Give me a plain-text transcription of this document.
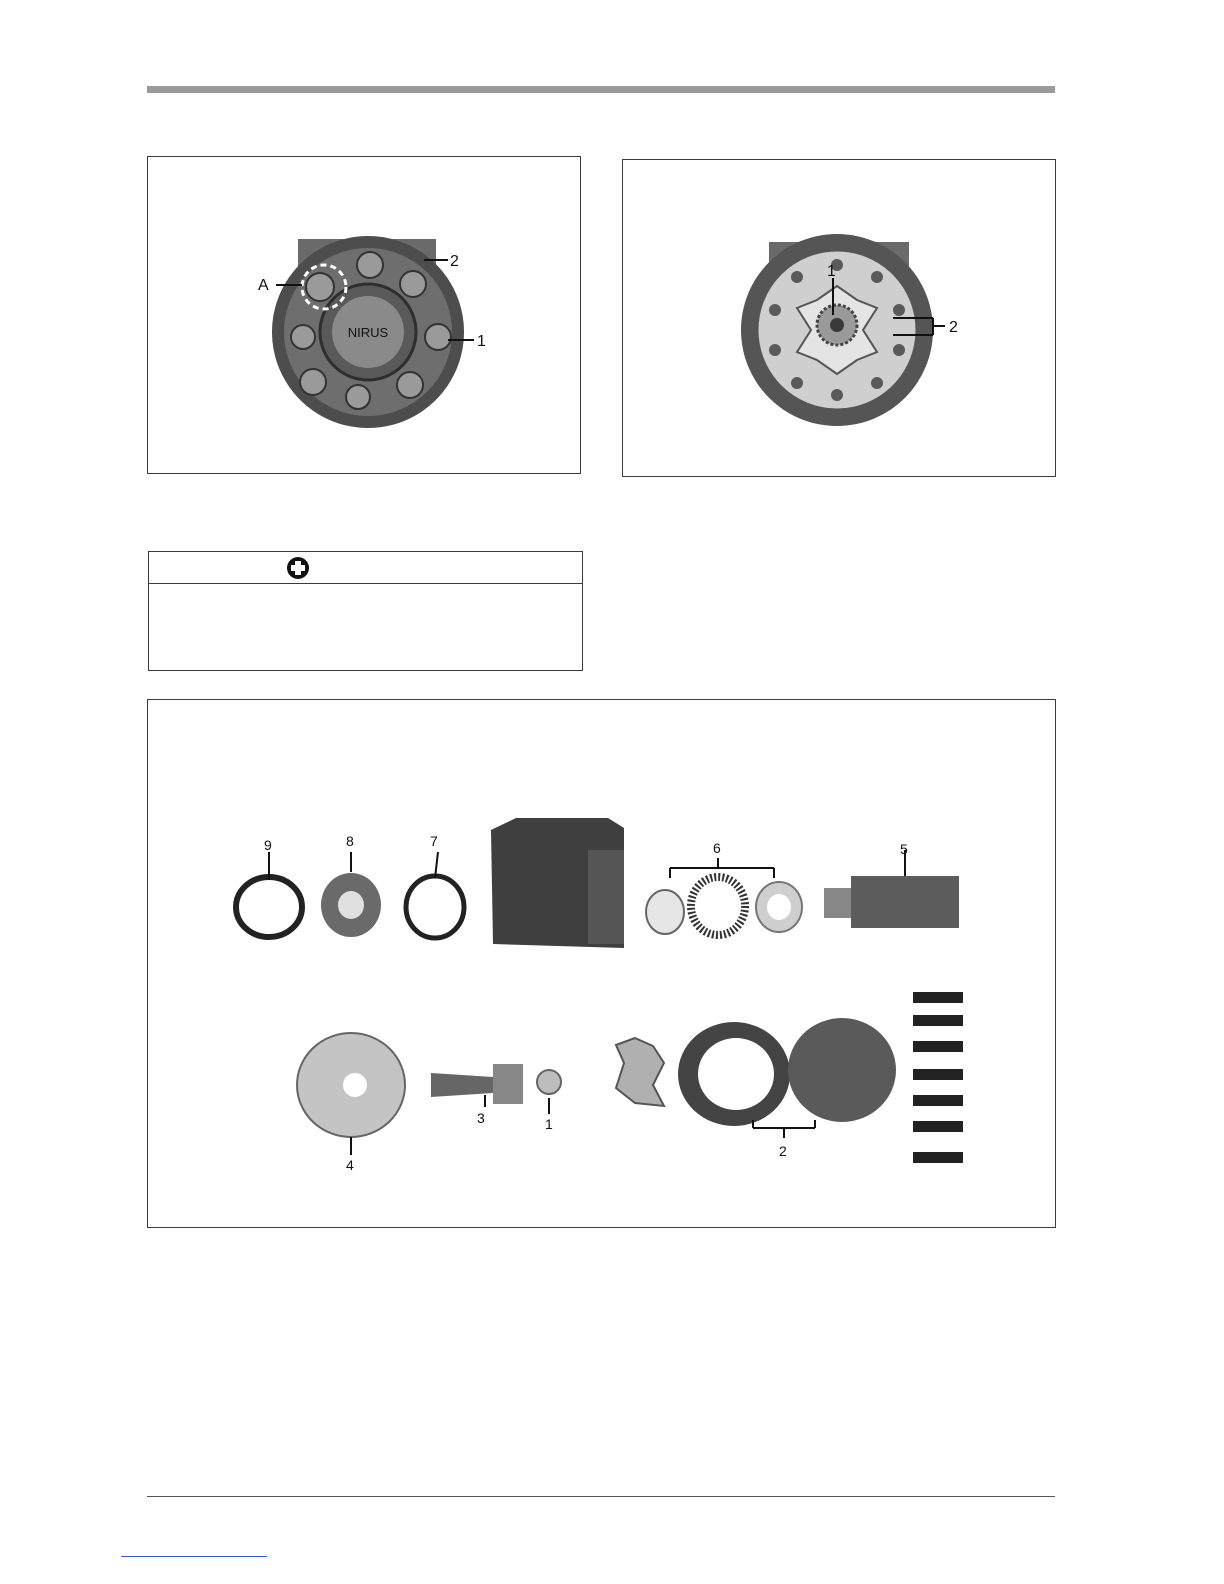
NIRUS
A
2
1
1
2
9	8	7	6	5
4
3	1
2
